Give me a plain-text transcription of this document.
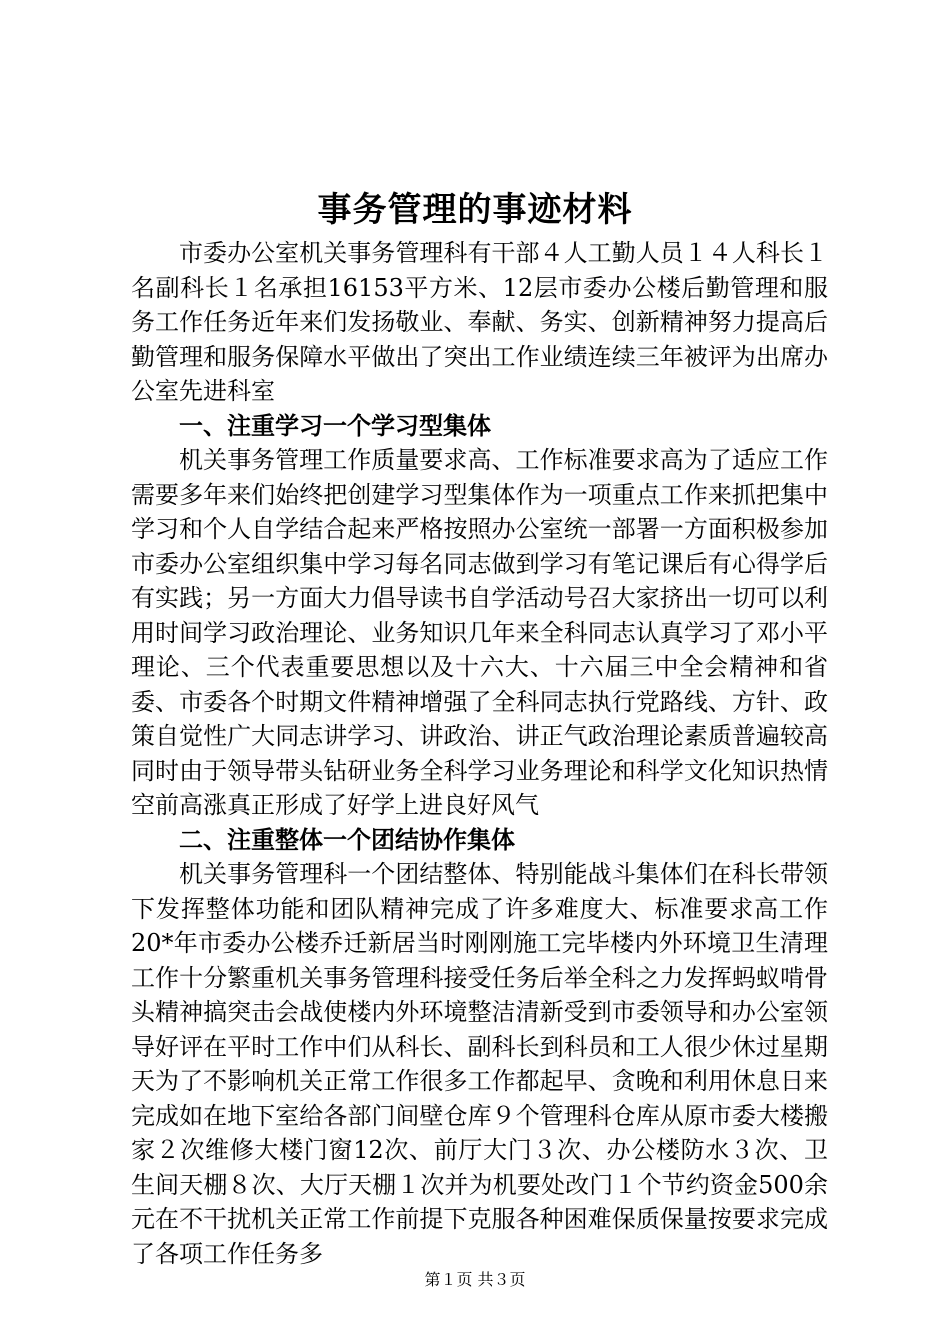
事务管理的事迹材料

市委办公室机关事务管理科有干部４人工勤人员１４人科长１名副科长１名承担16153平方米、12层市委办公楼后勤管理和服务工作任务近年来们发扬敬业、奉献、务实、创新精神努力提高后勤管理和服务保障水平做出了突出工作业绩连续三年被评为出席办公室先进科室

一、注重学习一个学习型集体

机关事务管理工作质量要求高、工作标准要求高为了适应工作需要多年来们始终把创建学习型集体作为一项重点工作来抓把集中学习和个人自学结合起来严格按照办公室统一部署一方面积极参加市委办公室组织集中学习每名同志做到学习有笔记课后有心得学后有实践；另一方面大力倡导读书自学活动号召大家挤出一切可以利用时间学习政治理论、业务知识几年来全科同志认真学习了邓小平理论、三个代表重要思想以及十六大、十六届三中全会精神和省委、市委各个时期文件精神增强了全科同志执行党路线、方针、政策自觉性广大同志讲学习、讲政治、讲正气政治理论素质普遍较高同时由于领导带头钻研业务全科学习业务理论和科学文化知识热情空前高涨真正形成了好学上进良好风气

二、注重整体一个团结协作集体

机关事务管理科一个团结整体、特别能战斗集体们在科长带领下发挥整体功能和团队精神完成了许多难度大、标准要求高工作20*年市委办公楼乔迁新居当时刚刚施工完毕楼内外环境卫生清理工作十分繁重机关事务管理科接受任务后举全科之力发挥蚂蚁啃骨头精神搞突击会战使楼内外环境整洁清新受到市委领导和办公室领导好评在平时工作中们从科长、副科长到科员和工人很少休过星期天为了不影响机关正常工作很多工作都起早、贪晚和利用休息日来完成如在地下室给各部门间壁仓库９个管理科仓库从原市委大楼搬家２次维修大楼门窗12次、前厅大门３次、办公楼防水３次、卫生间天棚８次、大厅天棚１次并为机要处改门１个节约资金500余元在不干扰机关正常工作前提下克服各种困难保质保量按要求完成了各项工作任务多

第１页 共３页
